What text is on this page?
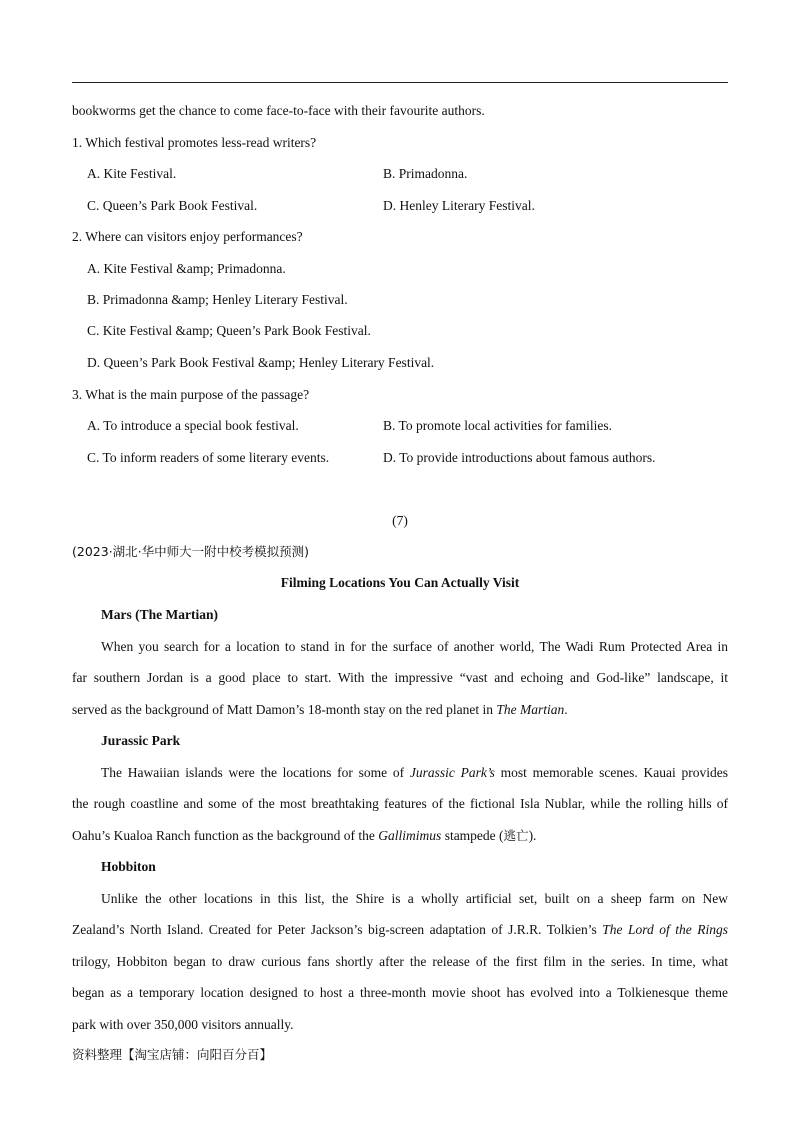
bookworms get the chance to come face-to-face with their favourite authors.
1. Which festival promotes less-read writers?
A. Kite Festival.	B. Primadonna.
C. Queen’s Park Book Festival.	D. Henley Literary Festival.
2. Where can visitors enjoy performances?
A. Kite Festival &amp; Primadonna.
B. Primadonna &amp; Henley Literary Festival.
C. Kite Festival &amp; Queen’s Park Book Festival.
D. Queen’s Park Book Festival &amp; Henley Literary Festival.
3. What is the main purpose of the passage?
A. To introduce a special book festival.	B. To promote local activities for families.
C. To inform readers of some literary events.	D. To provide introductions about famous authors.
(7)
(2023·湖北·华中师大一附中校考模拟预测)
Filming Locations You Can Actually Visit
Mars (The Martian)
When you search for a location to stand in for the surface of another world, The Wadi Rum Protected Area in
far southern Jordan is a good place to start. With the impressive “vast and echoing and God-like” landscape, it
served as the background of Matt Damon’s 18-month stay on the red planet in The Martian.
Jurassic Park
The Hawaiian islands were the locations for some of Jurassic Park’s most memorable scenes. Kauai provides
the rough coastline and some of the most breathtaking features of the fictional Isla Nublar, while the rolling hills of
Oahu’s Kualoa Ranch function as the background of the Gallimimus stampede (逃亡).
Hobbiton
Unlike the other locations in this list, the Shire is a wholly artificial set, built on a sheep farm on New
Zealand’s North Island. Created for Peter Jackson’s big-screen adaptation of J.R.R. Tolkien’s The Lord of the Rings
trilogy, Hobbiton began to draw curious fans shortly after the release of the first film in the series. In time, what
began as a temporary location designed to host a three-month movie shoot has evolved into a Tolkienesque theme
park with over 350,000 visitors annually.
资料整理【淘宝店铺：向阳百分百】
